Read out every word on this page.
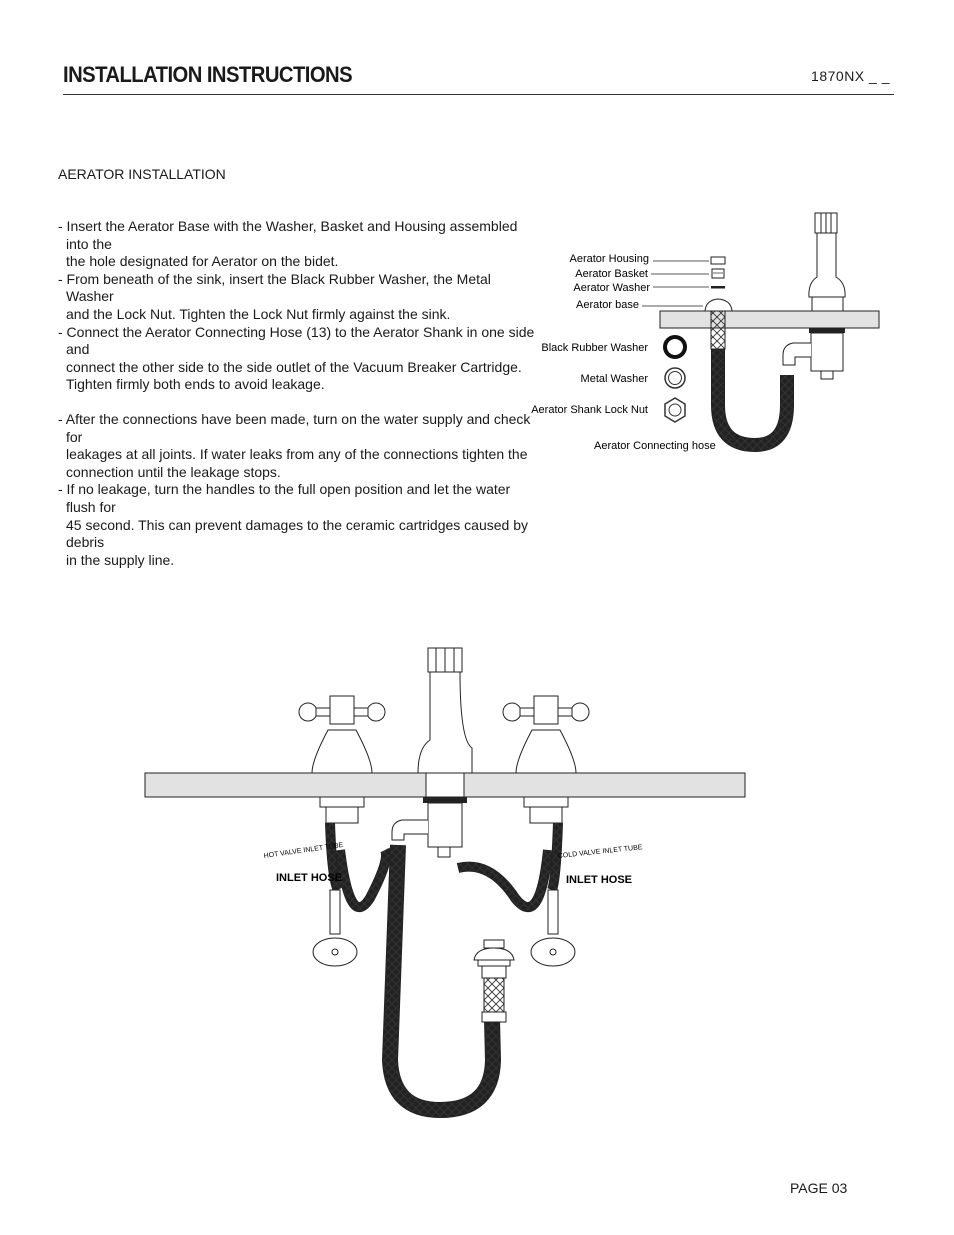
INSTALLATION INSTRUCTIONS	1870NX _ _
AERATOR INSTALLATION
- Insert the Aerator Base with the Washer, Basket and Housing assembled into the
the hole designated for Aerator on the bidet.
- From beneath of the sink, insert the Black Rubber Washer, the Metal Washer
and the Lock Nut. Tighten the Lock Nut firmly against the sink.
- Connect the Aerator Connecting Hose (13) to the Aerator Shank in one side and
connect the other side to the side outlet of the Vacuum Breaker Cartridge.
Tighten firmly both ends to avoid leakage.
- After the connections have been made, turn on the water supply and check for
leakages at all joints. If water leaks from any of the connections tighten the
connection until the leakage stops.
- If no leakage, turn the handles to the full open position and let the water flush for
45 second. This can prevent damages to the ceramic cartridges caused by debris
in the supply line.
Aerator Housing
Aerator Basket
Aerator Washer
Aerator base
Black Rubber Washer
Metal Washer
Aerator Shank Lock Nut
Aerator Connecting hose
HOT VALVE INLET TUBE	COLD VALVE INLET TUBE
INLET HOSE	INLET HOSE
PAGE 03
